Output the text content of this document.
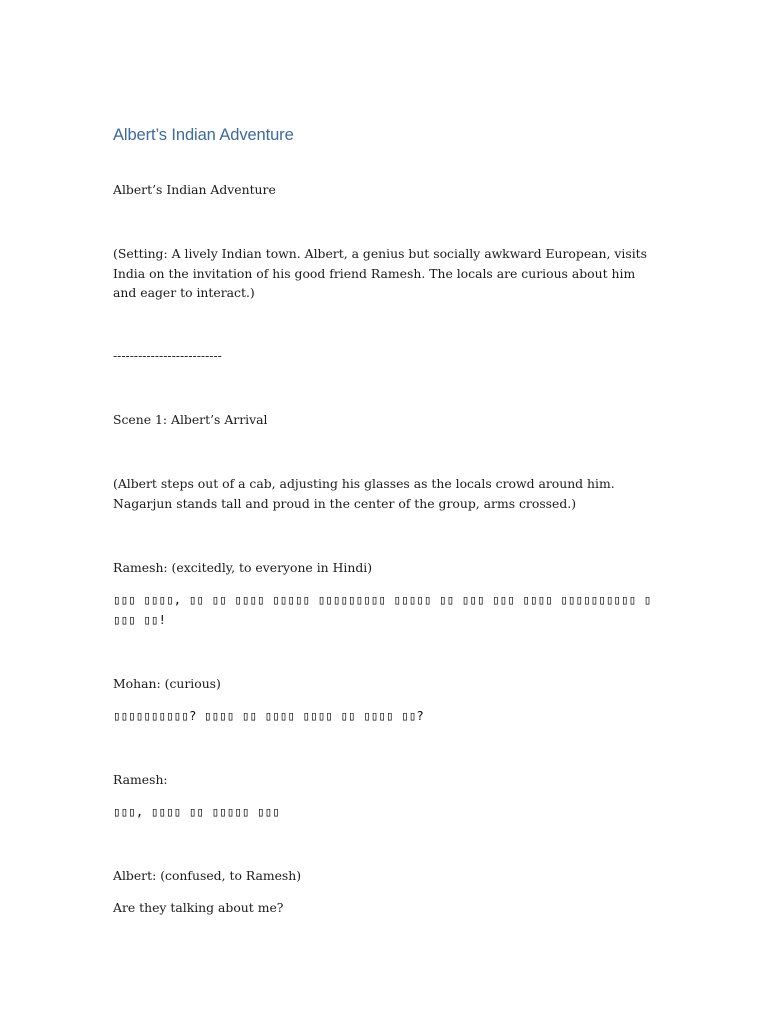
Albert’s Indian Adventure

Albert’s Indian Adventure

(Setting: A lively Indian town. Albert, a genius but socially awkward European, visits India on the invitation of his good friend Ramesh. The locals are curious about him and eager to interact.)

--------------------------

Scene 1: Albert’s Arrival

(Albert steps out of a cab, adjusting his glasses as the locals crowd around him. Nagarjun stands tall and proud in the center of the group, arms crossed.)

Ramesh: (excitedly, to everyone in Hindi)

▯▯▯ ▯▯▯▯, ▯▯ ▯▯ ▯▯▯▯ ▯▯▯▯▯ ▯▯▯▯▯▯▯▯▯ ▯▯▯▯▯ ▯▯ ▯▯▯ ▯▯▯ ▯▯▯▯ ▯▯▯▯▯▯▯▯▯▯ ▯▯▯▯ ▯▯!

Mohan: (curious)

▯▯▯▯▯▯▯▯▯▯? ▯▯▯▯ ▯▯ ▯▯▯▯ ▯▯▯▯ ▯▯ ▯▯▯▯ ▯▯?

Ramesh:

▯▯▯, ▯▯▯▯ ▯▯ ▯▯▯▯▯ ▯▯▯

Albert: (confused, to Ramesh)

Are they talking about me?
